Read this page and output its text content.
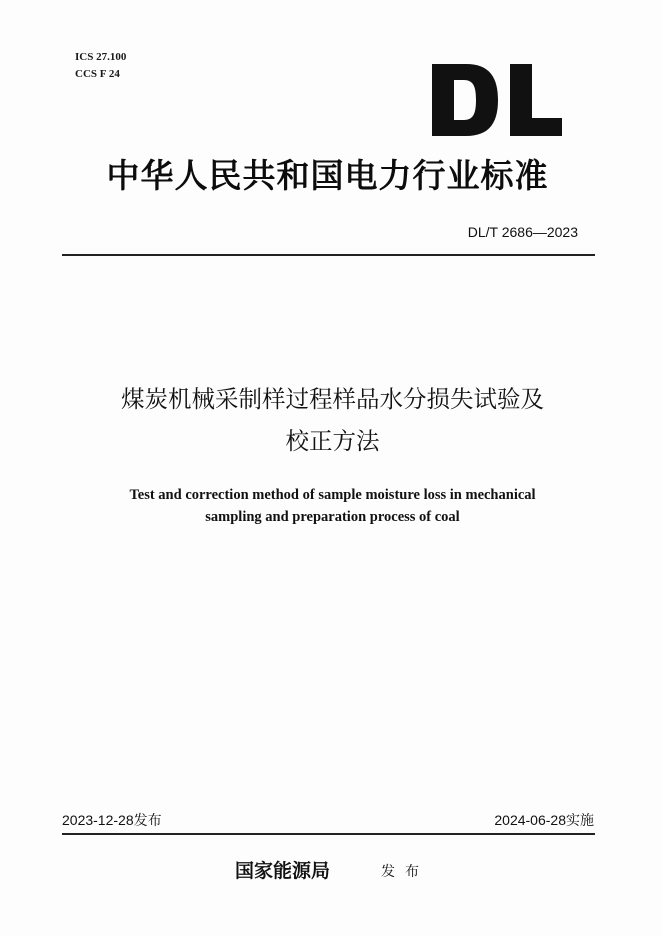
ICS 27.100
CCS F 24
中华人民共和国电力行业标准
DL/T 2686—2023
煤炭机械采制样过程样品水分损失试验及
校正方法
Test and correction method of sample moisture loss in mechanical
sampling and preparation process of coal
2023-12-28发布	2024-06-28实施
国家能源局	发布
